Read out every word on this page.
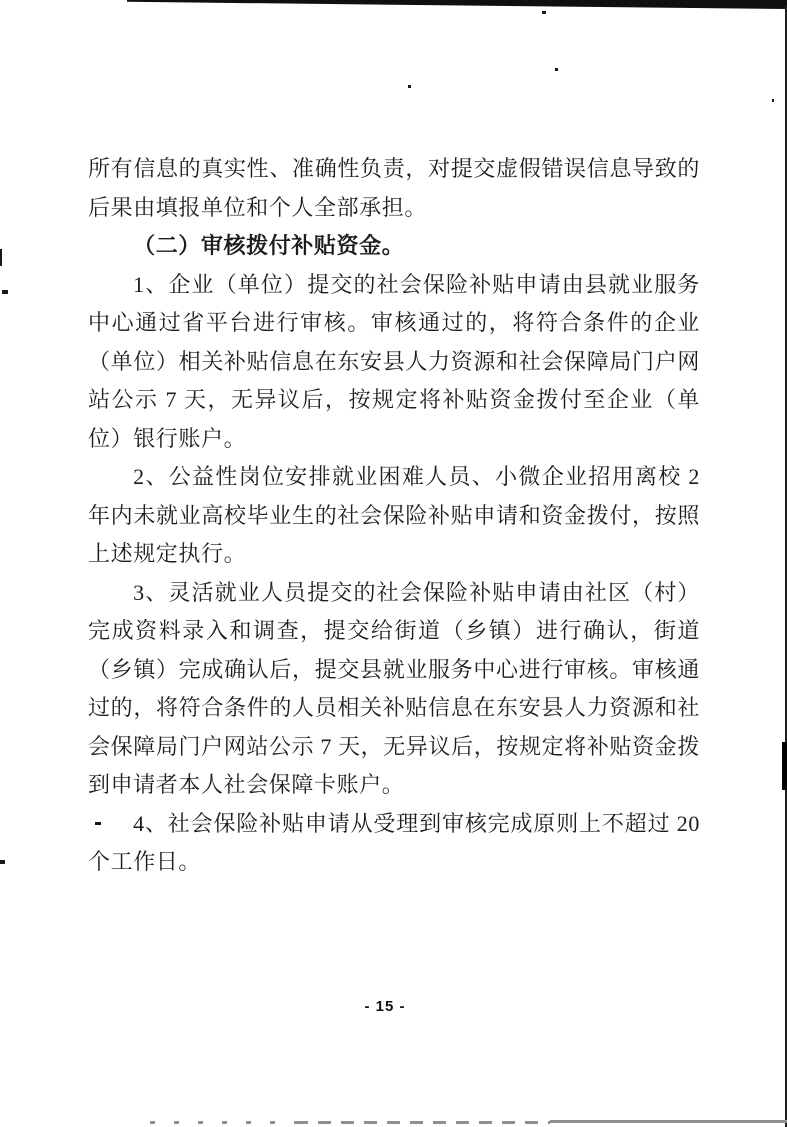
所有信息的真实性、准确性负责，对提交虚假错误信息导致的后果由填报单位和个人全部承担。

（二）审核拨付补贴资金。

1、企业（单位）提交的社会保险补贴申请由县就业服务中心通过省平台进行审核。审核通过的，将符合条件的企业（单位）相关补贴信息在东安县人力资源和社会保障局门户网站公示 7 天，无异议后，按规定将补贴资金拨付至企业（单位）银行账户。

2、公益性岗位安排就业困难人员、小微企业招用离校 2 年内未就业高校毕业生的社会保险补贴申请和资金拨付，按照上述规定执行。

3、灵活就业人员提交的社会保险补贴申请由社区（村）完成资料录入和调查，提交给街道（乡镇）进行确认，街道（乡镇）完成确认后，提交县就业服务中心进行审核。审核通过的，将符合条件的人员相关补贴信息在东安县人力资源和社会保障局门户网站公示 7 天，无异议后，按规定将补贴资金拨到申请者本人社会保障卡账户。

4、社会保险补贴申请从受理到审核完成原则上不超过 20 个工作日。

- 15 -
